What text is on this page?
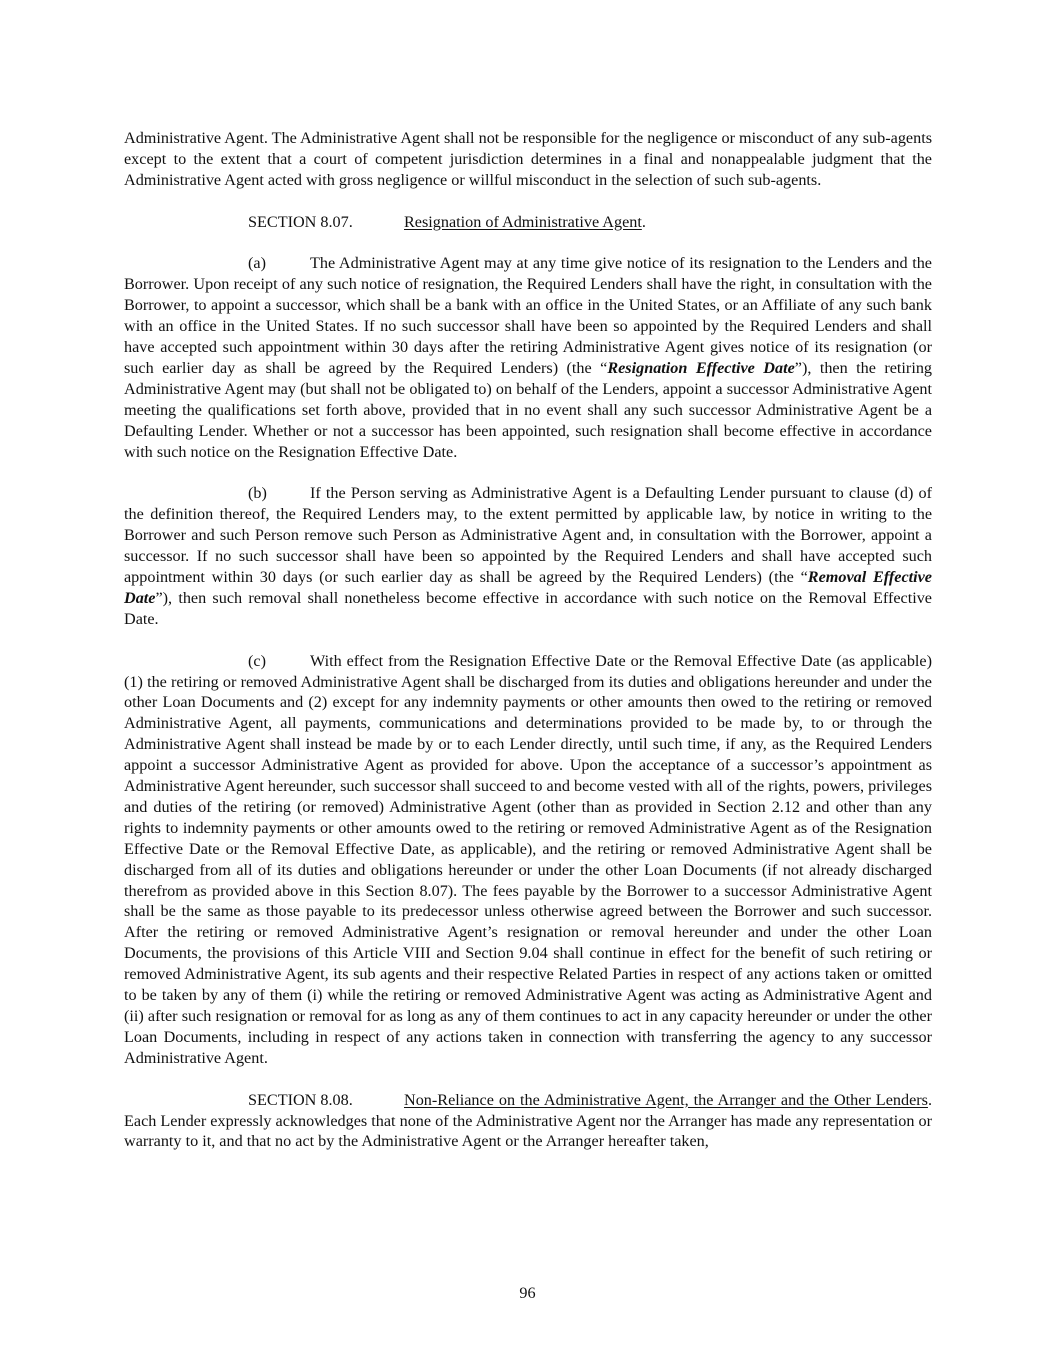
Administrative Agent. The Administrative Agent shall not be responsible for the negligence or misconduct of any sub-agents except to the extent that a court of competent jurisdiction determines in a final and nonappealable judgment that the Administrative Agent acted with gross negligence or willful misconduct in the selection of such sub-agents.

SECTION 8.07.	Resignation of Administrative Agent.

(a)	The Administrative Agent may at any time give notice of its resignation to the Lenders and the Borrower. Upon receipt of any such notice of resignation, the Required Lenders shall have the right, in consultation with the Borrower, to appoint a successor, which shall be a bank with an office in the United States, or an Affiliate of any such bank with an office in the United States. If no such successor shall have been so appointed by the Required Lenders and shall have accepted such appointment within 30 days after the retiring Administrative Agent gives notice of its resignation (or such earlier day as shall be agreed by the Required Lenders) (the “Resignation Effective Date”), then the retiring Administrative Agent may (but shall not be obligated to) on behalf of the Lenders, appoint a successor Administrative Agent meeting the qualifications set forth above, provided that in no event shall any such successor Administrative Agent be a Defaulting Lender. Whether or not a successor has been appointed, such resignation shall become effective in accordance with such notice on the Resignation Effective Date.

(b)	If the Person serving as Administrative Agent is a Defaulting Lender pursuant to clause (d) of the definition thereof, the Required Lenders may, to the extent permitted by applicable law, by notice in writing to the Borrower and such Person remove such Person as Administrative Agent and, in consultation with the Borrower, appoint a successor. If no such successor shall have been so appointed by the Required Lenders and shall have accepted such appointment within 30 days (or such earlier day as shall be agreed by the Required Lenders) (the “Removal Effective Date”), then such removal shall nonetheless become effective in accordance with such notice on the Removal Effective Date.

(c)	With effect from the Resignation Effective Date or the Removal Effective Date (as applicable) (1) the retiring or removed Administrative Agent shall be discharged from its duties and obligations hereunder and under the other Loan Documents and (2) except for any indemnity payments or other amounts then owed to the retiring or removed Administrative Agent, all payments, communications and determinations provided to be made by, to or through the Administrative Agent shall instead be made by or to each Lender directly, until such time, if any, as the Required Lenders appoint a successor Administrative Agent as provided for above. Upon the acceptance of a successor’s appointment as Administrative Agent hereunder, such successor shall succeed to and become vested with all of the rights, powers, privileges and duties of the retiring (or removed) Administrative Agent (other than as provided in Section 2.12 and other than any rights to indemnity payments or other amounts owed to the retiring or removed Administrative Agent as of the Resignation Effective Date or the Removal Effective Date, as applicable), and the retiring or removed Administrative Agent shall be discharged from all of its duties and obligations hereunder or under the other Loan Documents (if not already discharged therefrom as provided above in this Section 8.07). The fees payable by the Borrower to a successor Administrative Agent shall be the same as those payable to its predecessor unless otherwise agreed between the Borrower and such successor. After the retiring or removed Administrative Agent’s resignation or removal hereunder and under the other Loan Documents, the provisions of this Article VIII and Section 9.04 shall continue in effect for the benefit of such retiring or removed Administrative Agent, its sub agents and their respective Related Parties in respect of any actions taken or omitted to be taken by any of them (i) while the retiring or removed Administrative Agent was acting as Administrative Agent and (ii) after such resignation or removal for as long as any of them continues to act in any capacity hereunder or under the other Loan Documents, including in respect of any actions taken in connection with transferring the agency to any successor Administrative Agent.

SECTION 8.08.	Non-Reliance on the Administrative Agent, the Arranger and the Other Lenders. Each Lender expressly acknowledges that none of the Administrative Agent nor the Arranger has made any representation or warranty to it, and that no act by the Administrative Agent or the Arranger hereafter taken,

96
